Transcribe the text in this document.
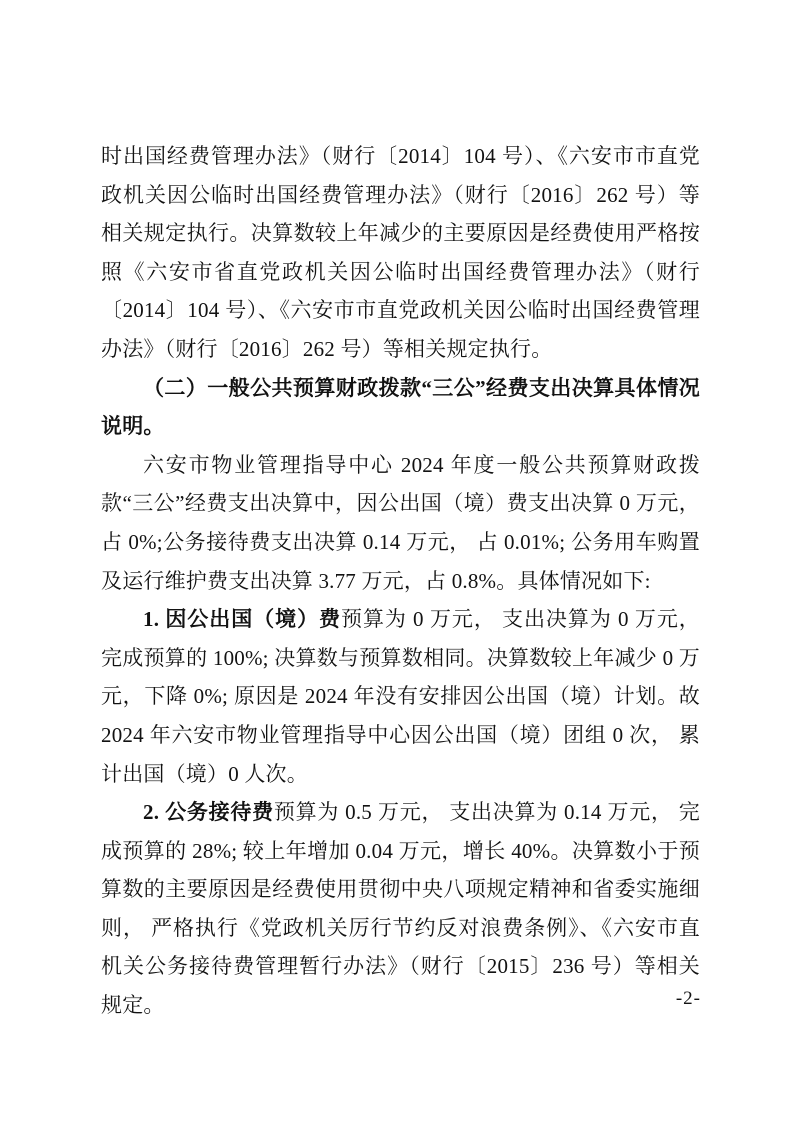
时出国经费管理办法》（财行〔2014〕104 号）、《六安市市直党政机关因公临时出国经费管理办法》（财行〔2016〕262 号）等相关规定执行。决算数较上年减少的主要原因是经费使用严格按照《六安市省直党政机关因公临时出国经费管理办法》（财行〔2014〕104 号）、《六安市市直党政机关因公临时出国经费管理办法》（财行〔2016〕262 号）等相关规定执行。

（二）一般公共预算财政拨款“三公”经费支出决算具体情况说明。

六安市物业管理指导中心 2024 年度一般公共预算财政拨款“三公”经费支出决算中，因公出国（境）费支出决算 0 万元，占 0%;公务接待费支出决算 0.14 万元， 占 0.01%; 公务用车购置及运行维护费支出决算 3.77 万元，占 0.8%。具体情况如下:

1. 因公出国（境）费预算为 0 万元， 支出决算为 0 万元， 完成预算的 100%; 决算数与预算数相同。决算数较上年减少 0 万元，下降 0%; 原因是 2024 年没有安排因公出国（境）计划。故 2024 年六安市物业管理指导中心因公出国（境）团组 0 次， 累计出国（境）0 人次。

2. 公务接待费预算为 0.5 万元， 支出决算为 0.14 万元， 完成预算的 28%; 较上年增加 0.04 万元，增长 40%。决算数小于预算数的主要原因是经费使用贯彻中央八项规定精神和省委实施细则， 严格执行《党政机关厉行节约反对浪费条例》、《六安市直机关公务接待费管理暂行办法》（财行〔2015〕236 号）等相关规定。	-2-
